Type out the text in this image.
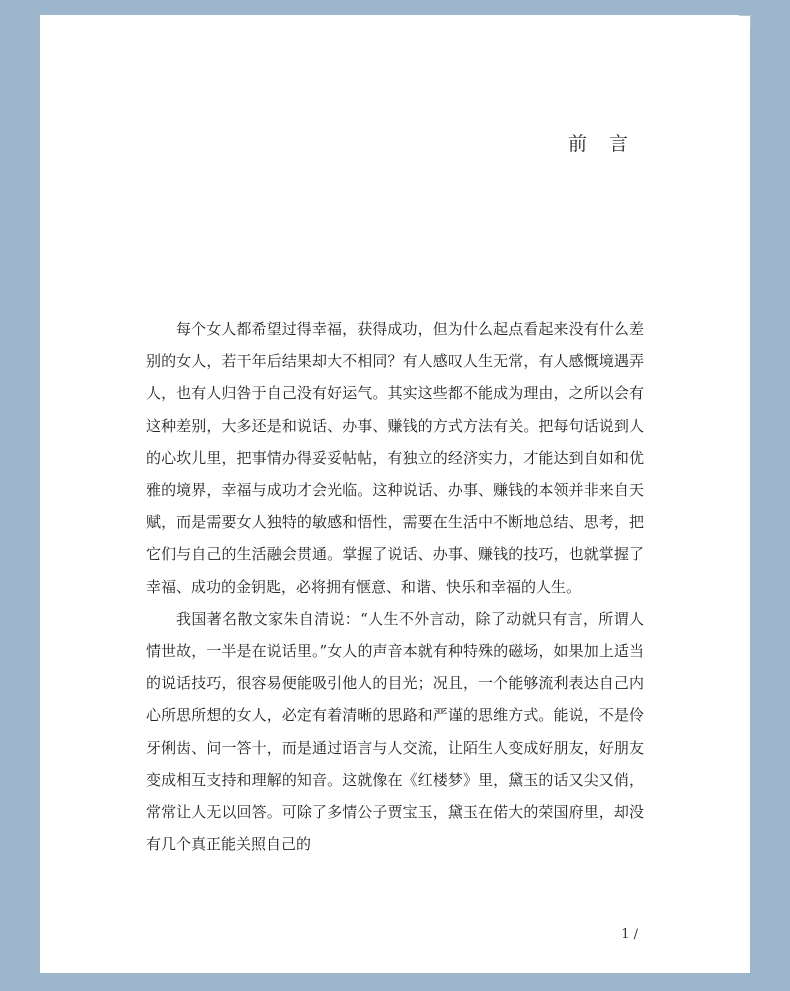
前 言

每个女人都希望过得幸福，获得成功，但为什么起点看起来没有什么差别的女人，若干年后结果却大不相同？有人感叹人生无常，有人感慨境遇弄人，也有人归咎于自己没有好运气。其实这些都不能成为理由，之所以会有这种差别，大多还是和说话、办事、赚钱的方式方法有关。把每句话说到人的心坎儿里，把事情办得妥妥帖帖，有独立的经济实力，才能达到自如和优雅的境界，幸福与成功才会光临。这种说话、办事、赚钱的本领并非来自天赋，而是需要女人独特的敏感和悟性，需要在生活中不断地总结、思考，把它们与自己的生活融会贯通。掌握了说话、办事、赚钱的技巧，也就掌握了幸福、成功的金钥匙，必将拥有惬意、和谐、快乐和幸福的人生。

我国著名散文家朱自清说：“人生不外言动，除了动就只有言，所谓人情世故，一半是在说话里。”女人的声音本就有种特殊的磁场，如果加上适当的说话技巧，很容易便能吸引他人的目光；况且，一个能够流利表达自己内心所思所想的女人，必定有着清晰的思路和严谨的思维方式。能说，不是伶牙俐齿、问一答十，而是通过语言与人交流，让陌生人变成好朋友，好朋友变成相互支持和理解的知音。这就像在《红楼梦》里，黛玉的话又尖又俏，常常让人无以回答。可除了多情公子贾宝玉，黛玉在偌大的荣国府里，却没有几个真正能关照自己的

1 /
